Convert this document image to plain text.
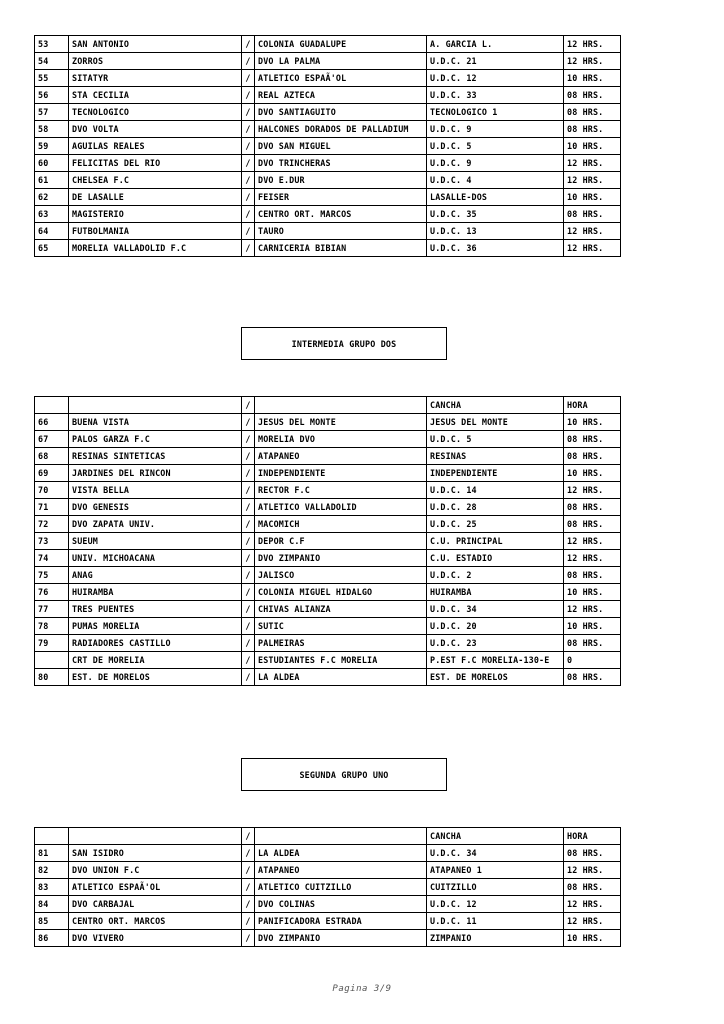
53	SAN ANTONIO	/	COLONIA GUADALUPE	A. GARCIA L.	12 HRS.
54	ZORROS	/	DVO LA PALMA	U.D.C. 21	12 HRS.
55	SITATYR	/	ATLETICO ESPAÃ'OL	U.D.C. 12	10 HRS.
56	STA CECILIA	/	REAL AZTECA	U.D.C. 33	08 HRS.
57	TECNOLOGICO	/	DVO SANTIAGUITO	TECNOLOGICO 1	08 HRS.
58	DVO VOLTA	/	HALCONES DORADOS DE PALLADIUM	U.D.C. 9	08 HRS.
59	AGUILAS REALES	/	DVO SAN MIGUEL	U.D.C. 5	10 HRS.
60	FELICITAS DEL RIO	/	DVO TRINCHERAS	U.D.C. 9	12 HRS.
61	CHELSEA F.C	/	DVO E.DUR	U.D.C. 4	12 HRS.
62	DE LASALLE	/	FEISER	LASALLE-DOS	10 HRS.
63	MAGISTERIO	/	CENTRO ORT. MARCOS	U.D.C. 35	08 HRS.
64	FUTBOLMANIA	/	TAURO	U.D.C. 13	12 HRS.
65	MORELIA VALLADOLID F.C	/	CARNICERIA BIBIAN	U.D.C. 36	12 HRS.
INTERMEDIA GRUPO DOS
		/		CANCHA	HORA
66	BUENA VISTA	/	JESUS DEL MONTE	JESUS DEL MONTE	10 HRS.
67	PALOS GARZA F.C	/	MORELIA DVO	U.D.C. 5	08 HRS.
68	RESINAS SINTETICAS	/	ATAPANEO	RESINAS	08 HRS.
69	JARDINES DEL RINCON	/	INDEPENDIENTE	INDEPENDIENTE	10 HRS.
70	VISTA BELLA	/	RECTOR F.C	U.D.C. 14	12 HRS.
71	DVO GENESIS	/	ATLETICO VALLADOLID	U.D.C. 28	08 HRS.
72	DVO ZAPATA UNIV.	/	MACOMICH	U.D.C. 25	08 HRS.
73	SUEUM	/	DEPOR C.F	C.U. PRINCIPAL	12 HRS.
74	UNIV. MICHOACANA	/	DVO ZIMPANIO	C.U. ESTADIO	12 HRS.
75	ANAG	/	JALISCO	U.D.C. 2	08 HRS.
76	HUIRAMBA	/	COLONIA MIGUEL HIDALGO	HUIRAMBA	10 HRS.
77	TRES PUENTES	/	CHIVAS ALIANZA	U.D.C. 34	12 HRS.
78	PUMAS MORELIA	/	SUTIC	U.D.C. 20	10 HRS.
79	RADIADORES CASTILLO	/	PALMEIRAS	U.D.C. 23	08 HRS.
	CRT DE MORELIA	/	ESTUDIANTES F.C MORELIA	P.EST F.C MORELIA-130-E	0
80	EST. DE MORELOS	/	LA ALDEA	EST. DE MORELOS	08 HRS.
SEGUNDA GRUPO UNO
		/		CANCHA	HORA
81	SAN ISIDRO	/	LA ALDEA	U.D.C. 34	08 HRS.
82	DVO UNION F.C	/	ATAPANEO	ATAPANEO 1	12 HRS.
83	ATLETICO ESPAÃ'OL	/	ATLETICO CUITZILLO	CUITZILLO	08 HRS.
84	DVO CARBAJAL	/	DVO COLINAS	U.D.C. 12	12 HRS.
85	CENTRO ORT. MARCOS	/	PANIFICADORA ESTRADA	U.D.C. 11	12 HRS.
86	DVO VIVERO	/	DVO ZIMPANIO	ZIMPANIO	10 HRS.
Pagina 3/9
